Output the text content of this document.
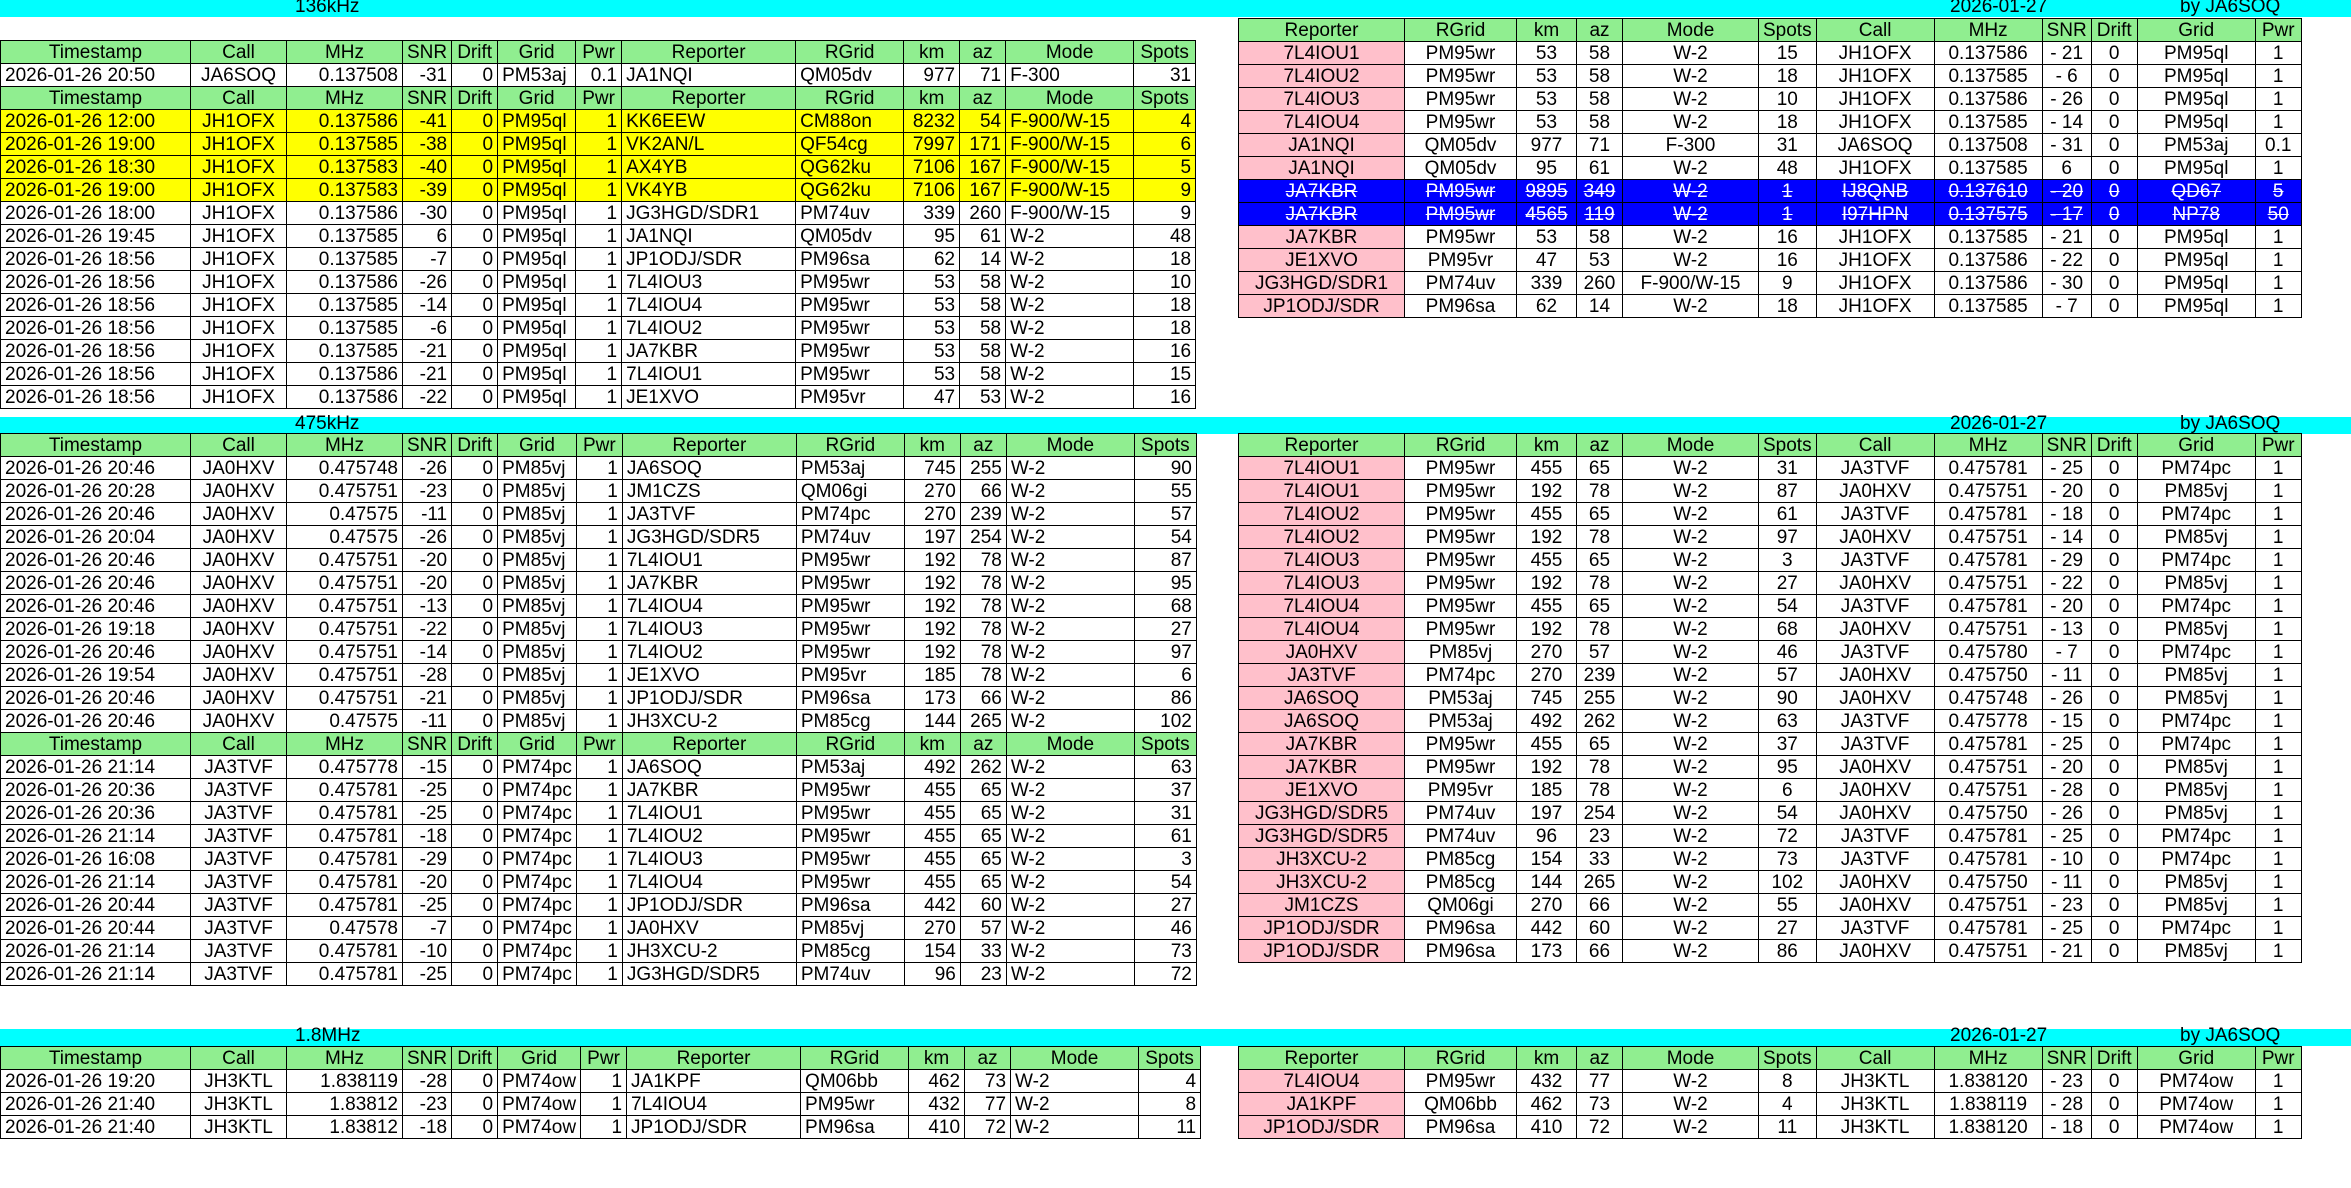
136kHz	2026-01-27	by JA6SOQ
475kHz	2026-01-27	by JA6SOQ
1.8MHz	2026-01-27	by JA6SOQ
Timestamp	Call	MHz	SNR	Drift	Grid	Pwr	Reporter	RGrid	km	az	Mode	Spots
2026-01-26 20:50	JA6SOQ	0.137508	-31	0	PM53aj	0.1	JA1NQI	QM05dv	977	71	F-300	31
Timestamp	Call	MHz	SNR	Drift	Grid	Pwr	Reporter	RGrid	km	az	Mode	Spots
2026-01-26 12:00	JH1OFX	0.137586	-41	0	PM95ql	1	KK6EEW	CM88on	8232	54	F-900/W-15	4
2026-01-26 19:00	JH1OFX	0.137585	-38	0	PM95ql	1	VK2AN/L	QF54cg	7997	171	F-900/W-15	6
2026-01-26 18:30	JH1OFX	0.137583	-40	0	PM95ql	1	AX4YB	QG62ku	7106	167	F-900/W-15	5
2026-01-26 19:00	JH1OFX	0.137583	-39	0	PM95ql	1	VK4YB	QG62ku	7106	167	F-900/W-15	9
2026-01-26 18:00	JH1OFX	0.137586	-30	0	PM95ql	1	JG3HGD/SDR1	PM74uv	339	260	F-900/W-15	9
2026-01-26 19:45	JH1OFX	0.137585	6	0	PM95ql	1	JA1NQI	QM05dv	95	61	W-2	48
2026-01-26 18:56	JH1OFX	0.137585	-7	0	PM95ql	1	JP1ODJ/SDR	PM96sa	62	14	W-2	18
2026-01-26 18:56	JH1OFX	0.137586	-26	0	PM95ql	1	7L4IOU3	PM95wr	53	58	W-2	10
2026-01-26 18:56	JH1OFX	0.137585	-14	0	PM95ql	1	7L4IOU4	PM95wr	53	58	W-2	18
2026-01-26 18:56	JH1OFX	0.137585	-6	0	PM95ql	1	7L4IOU2	PM95wr	53	58	W-2	18
2026-01-26 18:56	JH1OFX	0.137585	-21	0	PM95ql	1	JA7KBR	PM95wr	53	58	W-2	16
2026-01-26 18:56	JH1OFX	0.137586	-21	0	PM95ql	1	7L4IOU1	PM95wr	53	58	W-2	15
2026-01-26 18:56	JH1OFX	0.137586	-22	0	PM95ql	1	JE1XVO	PM95vr	47	53	W-2	16
Timestamp	Call	MHz	SNR	Drift	Grid	Pwr	Reporter	RGrid	km	az	Mode	Spots
2026-01-26 20:46	JA0HXV	0.475748	-26	0	PM85vj	1	JA6SOQ	PM53aj	745	255	W-2	90
2026-01-26 20:28	JA0HXV	0.475751	-23	0	PM85vj	1	JM1CZS	QM06gi	270	66	W-2	55
2026-01-26 20:46	JA0HXV	0.47575	-11	0	PM85vj	1	JA3TVF	PM74pc	270	239	W-2	57
2026-01-26 20:04	JA0HXV	0.47575	-26	0	PM85vj	1	JG3HGD/SDR5	PM74uv	197	254	W-2	54
2026-01-26 20:46	JA0HXV	0.475751	-20	0	PM85vj	1	7L4IOU1	PM95wr	192	78	W-2	87
2026-01-26 20:46	JA0HXV	0.475751	-20	0	PM85vj	1	JA7KBR	PM95wr	192	78	W-2	95
2026-01-26 20:46	JA0HXV	0.475751	-13	0	PM85vj	1	7L4IOU4	PM95wr	192	78	W-2	68
2026-01-26 19:18	JA0HXV	0.475751	-22	0	PM85vj	1	7L4IOU3	PM95wr	192	78	W-2	27
2026-01-26 20:46	JA0HXV	0.475751	-14	0	PM85vj	1	7L4IOU2	PM95wr	192	78	W-2	97
2026-01-26 19:54	JA0HXV	0.475751	-28	0	PM85vj	1	JE1XVO	PM95vr	185	78	W-2	6
2026-01-26 20:46	JA0HXV	0.475751	-21	0	PM85vj	1	JP1ODJ/SDR	PM96sa	173	66	W-2	86
2026-01-26 20:46	JA0HXV	0.47575	-11	0	PM85vj	1	JH3XCU-2	PM85cg	144	265	W-2	102
Timestamp	Call	MHz	SNR	Drift	Grid	Pwr	Reporter	RGrid	km	az	Mode	Spots
2026-01-26 21:14	JA3TVF	0.475778	-15	0	PM74pc	1	JA6SOQ	PM53aj	492	262	W-2	63
2026-01-26 20:36	JA3TVF	0.475781	-25	0	PM74pc	1	JA7KBR	PM95wr	455	65	W-2	37
2026-01-26 20:36	JA3TVF	0.475781	-25	0	PM74pc	1	7L4IOU1	PM95wr	455	65	W-2	31
2026-01-26 21:14	JA3TVF	0.475781	-18	0	PM74pc	1	7L4IOU2	PM95wr	455	65	W-2	61
2026-01-26 16:08	JA3TVF	0.475781	-29	0	PM74pc	1	7L4IOU3	PM95wr	455	65	W-2	3
2026-01-26 21:14	JA3TVF	0.475781	-20	0	PM74pc	1	7L4IOU4	PM95wr	455	65	W-2	54
2026-01-26 20:44	JA3TVF	0.475781	-25	0	PM74pc	1	JP1ODJ/SDR	PM96sa	442	60	W-2	27
2026-01-26 20:44	JA3TVF	0.47578	-7	0	PM74pc	1	JA0HXV	PM85vj	270	57	W-2	46
2026-01-26 21:14	JA3TVF	0.475781	-10	0	PM74pc	1	JH3XCU-2	PM85cg	154	33	W-2	73
2026-01-26 21:14	JA3TVF	0.475781	-25	0	PM74pc	1	JG3HGD/SDR5	PM74uv	96	23	W-2	72
Timestamp	Call	MHz	SNR	Drift	Grid	Pwr	Reporter	RGrid	km	az	Mode	Spots
2026-01-26 19:20	JH3KTL	1.838119	-28	0	PM74ow	1	JA1KPF	QM06bb	462	73	W-2	4
2026-01-26 21:40	JH3KTL	1.83812	-23	0	PM74ow	1	7L4IOU4	PM95wr	432	77	W-2	8
2026-01-26 21:40	JH3KTL	1.83812	-18	0	PM74ow	1	JP1ODJ/SDR	PM96sa	410	72	W-2	11
Reporter	RGrid	km	az	Mode	Spots	Call	MHz	SNR	Drift	Grid	Pwr
7L4IOU1	PM95wr	53	58	W-2	15	JH1OFX	0.137586	- 21	0	PM95ql	1
7L4IOU2	PM95wr	53	58	W-2	18	JH1OFX	0.137585	- 6	0	PM95ql	1
7L4IOU3	PM95wr	53	58	W-2	10	JH1OFX	0.137586	- 26	0	PM95ql	1
7L4IOU4	PM95wr	53	58	W-2	18	JH1OFX	0.137585	- 14	0	PM95ql	1
JA1NQI	QM05dv	977	71	F-300	31	JA6SOQ	0.137508	- 31	0	PM53aj	0.1
JA1NQI	QM05dv	95	61	W-2	48	JH1OFX	0.137585	6	0	PM95ql	1
JA7KBR	PM95wr	9895	349	W-2	1	IJ8QNB	0.137610	- 20	0	QD67	5
JA7KBR	PM95wr	4565	119	W-2	1	I97HPN	0.137575	- 17	0	NP78	50
JA7KBR	PM95wr	53	58	W-2	16	JH1OFX	0.137585	- 21	0	PM95ql	1
JE1XVO	PM95vr	47	53	W-2	16	JH1OFX	0.137586	- 22	0	PM95ql	1
JG3HGD/SDR1	PM74uv	339	260	F-900/W-15	9	JH1OFX	0.137586	- 30	0	PM95ql	1
JP1ODJ/SDR	PM96sa	62	14	W-2	18	JH1OFX	0.137585	- 7	0	PM95ql	1
Reporter	RGrid	km	az	Mode	Spots	Call	MHz	SNR	Drift	Grid	Pwr
7L4IOU1	PM95wr	455	65	W-2	31	JA3TVF	0.475781	- 25	0	PM74pc	1
7L4IOU1	PM95wr	192	78	W-2	87	JA0HXV	0.475751	- 20	0	PM85vj	1
7L4IOU2	PM95wr	455	65	W-2	61	JA3TVF	0.475781	- 18	0	PM74pc	1
7L4IOU2	PM95wr	192	78	W-2	97	JA0HXV	0.475751	- 14	0	PM85vj	1
7L4IOU3	PM95wr	455	65	W-2	3	JA3TVF	0.475781	- 29	0	PM74pc	1
7L4IOU3	PM95wr	192	78	W-2	27	JA0HXV	0.475751	- 22	0	PM85vj	1
7L4IOU4	PM95wr	455	65	W-2	54	JA3TVF	0.475781	- 20	0	PM74pc	1
7L4IOU4	PM95wr	192	78	W-2	68	JA0HXV	0.475751	- 13	0	PM85vj	1
JA0HXV	PM85vj	270	57	W-2	46	JA3TVF	0.475780	- 7	0	PM74pc	1
JA3TVF	PM74pc	270	239	W-2	57	JA0HXV	0.475750	- 11	0	PM85vj	1
JA6SOQ	PM53aj	745	255	W-2	90	JA0HXV	0.475748	- 26	0	PM85vj	1
JA6SOQ	PM53aj	492	262	W-2	63	JA3TVF	0.475778	- 15	0	PM74pc	1
JA7KBR	PM95wr	455	65	W-2	37	JA3TVF	0.475781	- 25	0	PM74pc	1
JA7KBR	PM95wr	192	78	W-2	95	JA0HXV	0.475751	- 20	0	PM85vj	1
JE1XVO	PM95vr	185	78	W-2	6	JA0HXV	0.475751	- 28	0	PM85vj	1
JG3HGD/SDR5	PM74uv	197	254	W-2	54	JA0HXV	0.475750	- 26	0	PM85vj	1
JG3HGD/SDR5	PM74uv	96	23	W-2	72	JA3TVF	0.475781	- 25	0	PM74pc	1
JH3XCU-2	PM85cg	154	33	W-2	73	JA3TVF	0.475781	- 10	0	PM74pc	1
JH3XCU-2	PM85cg	144	265	W-2	102	JA0HXV	0.475750	- 11	0	PM85vj	1
JM1CZS	QM06gi	270	66	W-2	55	JA0HXV	0.475751	- 23	0	PM85vj	1
JP1ODJ/SDR	PM96sa	442	60	W-2	27	JA3TVF	0.475781	- 25	0	PM74pc	1
JP1ODJ/SDR	PM96sa	173	66	W-2	86	JA0HXV	0.475751	- 21	0	PM85vj	1
Reporter	RGrid	km	az	Mode	Spots	Call	MHz	SNR	Drift	Grid	Pwr
7L4IOU4	PM95wr	432	77	W-2	8	JH3KTL	1.838120	- 23	0	PM74ow	1
JA1KPF	QM06bb	462	73	W-2	4	JH3KTL	1.838119	- 28	0	PM74ow	1
JP1ODJ/SDR	PM96sa	410	72	W-2	11	JH3KTL	1.838120	- 18	0	PM74ow	1
